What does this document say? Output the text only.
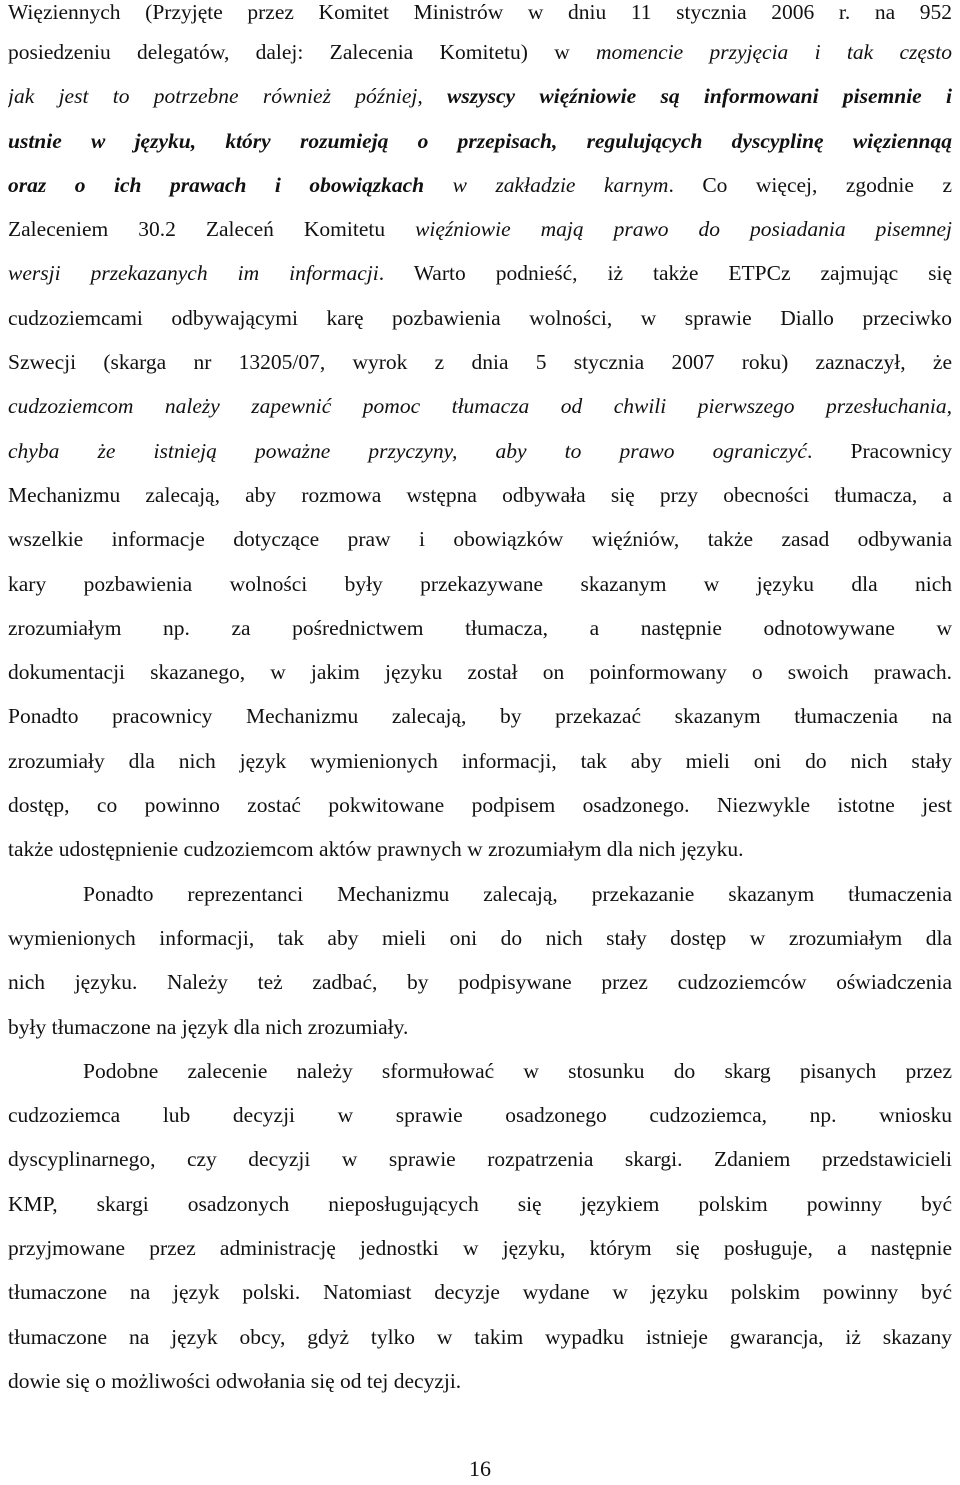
Więziennych (Przyjęte przez Komitet Ministrów w dniu 11 stycznia 2006 r. na 952
posiedzeniu delegatów, dalej: Zalecenia Komitetu) w momencie przyjęcia i tak często
jak jest to potrzebne również później, wszyscy więźniowie są informowani pisemnie i
ustnie w języku, który rozumieją o przepisach, regulujących dyscyplinę więziennąą
oraz o ich prawach i obowiązkach w zakładzie karnym. Co więcej, zgodnie z
Zaleceniem 30.2 Zaleceń Komitetu więźniowie mają prawo do posiadania pisemnej
wersji przekazanych im informacji. Warto podnieść, iż także ETPCz zajmując się
cudzoziemcami odbywającymi karę pozbawienia wolności, w sprawie Diallo przeciwko
Szwecji (skarga nr 13205/07, wyrok z dnia 5 stycznia 2007 roku) zaznaczył, że
cudzoziemcom należy zapewnić pomoc tłumacza od chwili pierwszego przesłuchania,
chyba że istnieją poważne przyczyny, aby to prawo ograniczyć. Pracownicy
Mechanizmu zalecają, aby rozmowa wstępna odbywała się przy obecności tłumacza, a
wszelkie informacje dotyczące praw i obowiązków więźniów, także zasad odbywania
kary pozbawienia wolności były przekazywane skazanym w języku dla nich
zrozumiałym np. za pośrednictwem tłumacza, a następnie odnotowywane w
dokumentacji skazanego, w jakim języku został on poinformowany o swoich prawach.
Ponadto pracownicy Mechanizmu zalecają, by przekazać skazanym tłumaczenia na
zrozumiały dla nich język wymienionych informacji, tak aby mieli oni do nich stały
dostęp, co powinno zostać pokwitowane podpisem osadzonego. Niezwykle istotne jest
także udostępnienie cudzoziemcom aktów prawnych w zrozumiałym dla nich języku.
Ponadto reprezentanci Mechanizmu zalecają, przekazanie skazanym tłumaczenia
wymienionych informacji, tak aby mieli oni do nich stały dostęp w zrozumiałym dla
nich języku. Należy też zadbać, by podpisywane przez cudzoziemców oświadczenia
były tłumaczone na język dla nich zrozumiały.
Podobne zalecenie należy sformułować w stosunku do skarg pisanych przez
cudzoziemca lub decyzji w sprawie osadzonego cudzoziemca, np. wniosku
dyscyplinarnego, czy decyzji w sprawie rozpatrzenia skargi. Zdaniem przedstawicieli
KMP, skargi osadzonych nieposługujących się językiem polskim powinny być
przyjmowane przez administrację jednostki w języku, którym się posługuje, a następnie
tłumaczone na język polski. Natomiast decyzje wydane w języku polskim powinny być
tłumaczone na język obcy, gdyż tylko w takim wypadku istnieje gwarancja, iż skazany
dowie się o możliwości odwołania się od tej decyzji.
16
